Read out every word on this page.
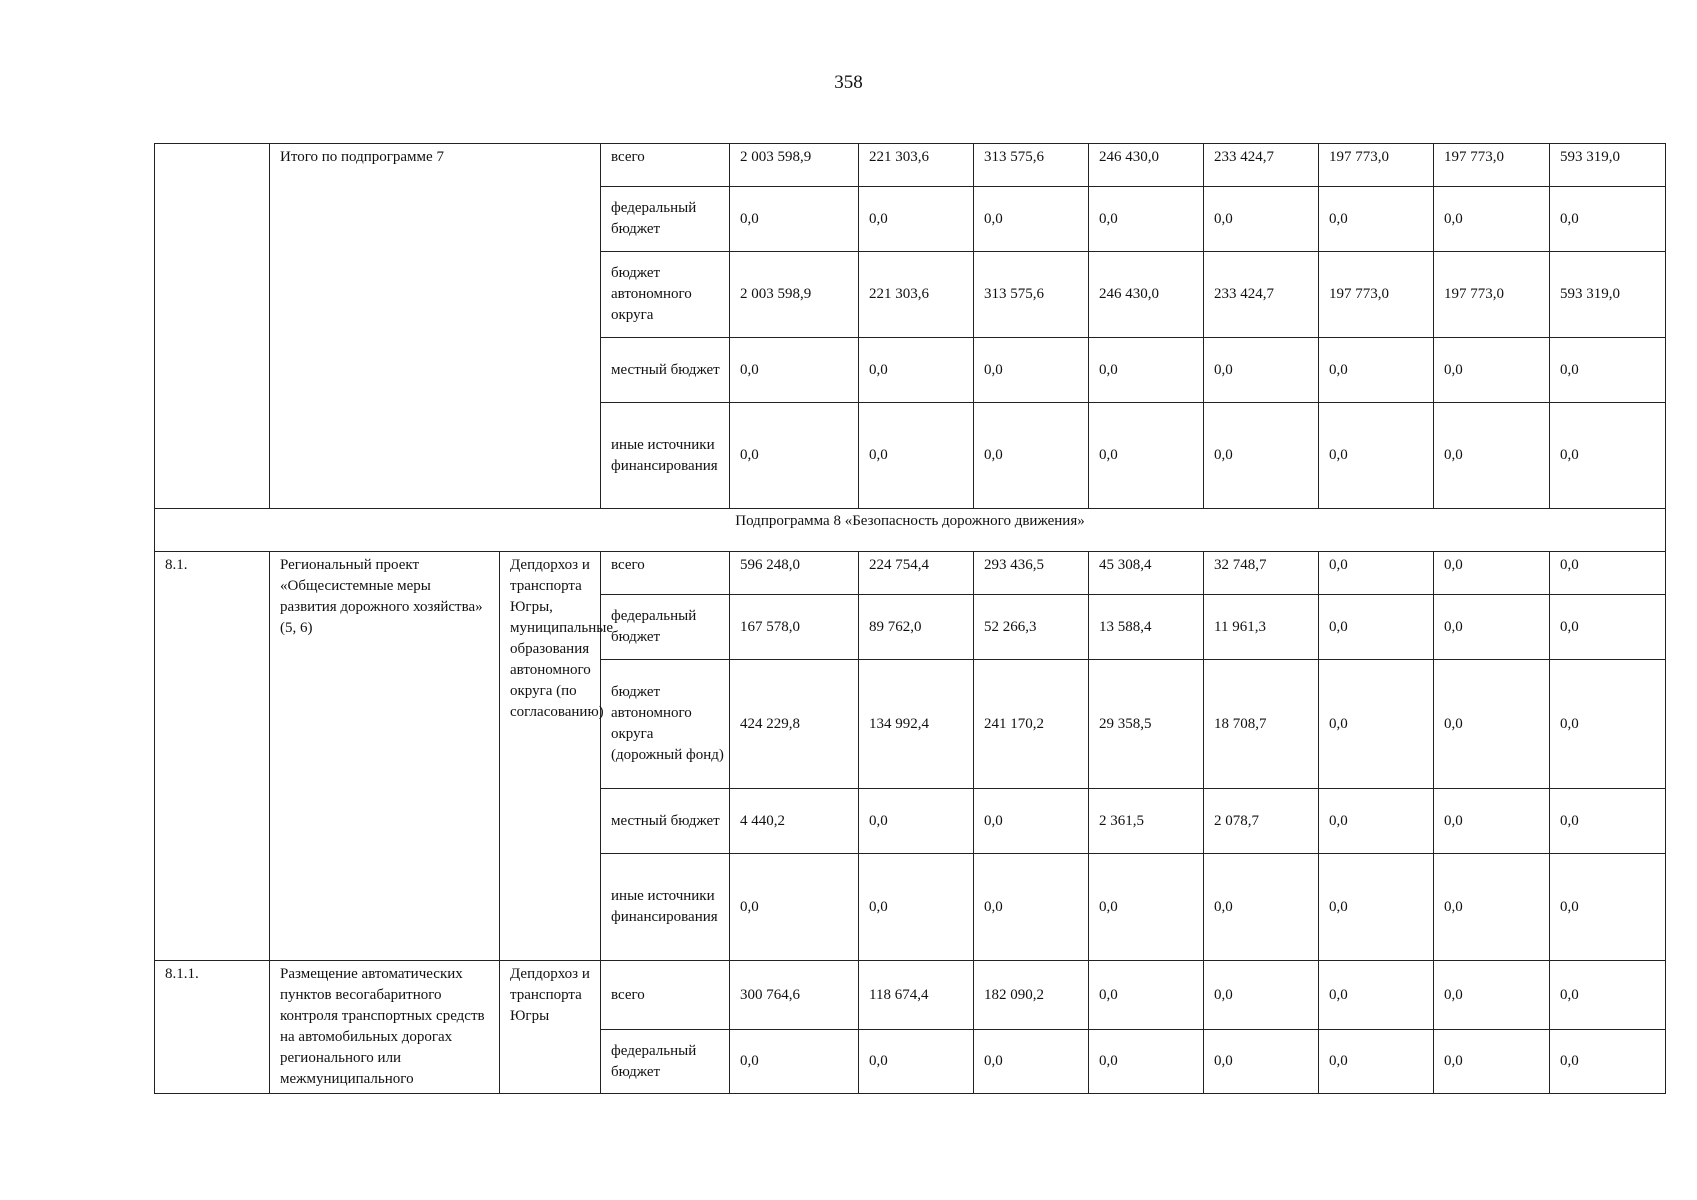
358
	Итого по подпрограмме 7		всего	2 003 598,9	221 303,6	313 575,6	246 430,0	233 424,7	197 773,0	197 773,0	593 319,0
			федеральный бюджет	0,0	0,0	0,0	0,0	0,0	0,0	0,0	0,0
			бюджет автономного округа	2 003 598,9	221 303,6	313 575,6	246 430,0	233 424,7	197 773,0	197 773,0	593 319,0
			местный бюджет	0,0	0,0	0,0	0,0	0,0	0,0	0,0	0,0
			иные источники финансирования	0,0	0,0	0,0	0,0	0,0	0,0	0,0	0,0
Подпрограмма 8 «Безопасность дорожного движения»											
8.1.	Региональный проект «Общесистемные меры развития дорожного хозяйства» (5, 6)	Депдорхоз и транспорта Югры, муниципальные образования автономного округа (по согласованию)	всего	596 248,0	224 754,4	293 436,5	45 308,4	32 748,7	0,0	0,0	0,0
			федеральный бюджет	167 578,0	89 762,0	52 266,3	13 588,4	11 961,3	0,0	0,0	0,0
			бюджет автономного округа (дорожный фонд)	424 229,8	134 992,4	241 170,2	29 358,5	18 708,7	0,0	0,0	0,0
			местный бюджет	4 440,2	0,0	0,0	2 361,5	2 078,7	0,0	0,0	0,0
			иные источники финансирования	0,0	0,0	0,0	0,0	0,0	0,0	0,0	0,0
8.1.1.	Размещение автоматических пунктов весогабаритного контроля транспортных средств на автомобильных дорогах регионального или межмуниципального	Депдорхоз и транспорта Югры	всего	300 764,6	118 674,4	182 090,2	0,0	0,0	0,0	0,0	0,0
			федеральный бюджет	0,0	0,0	0,0	0,0	0,0	0,0	0,0	0,0
